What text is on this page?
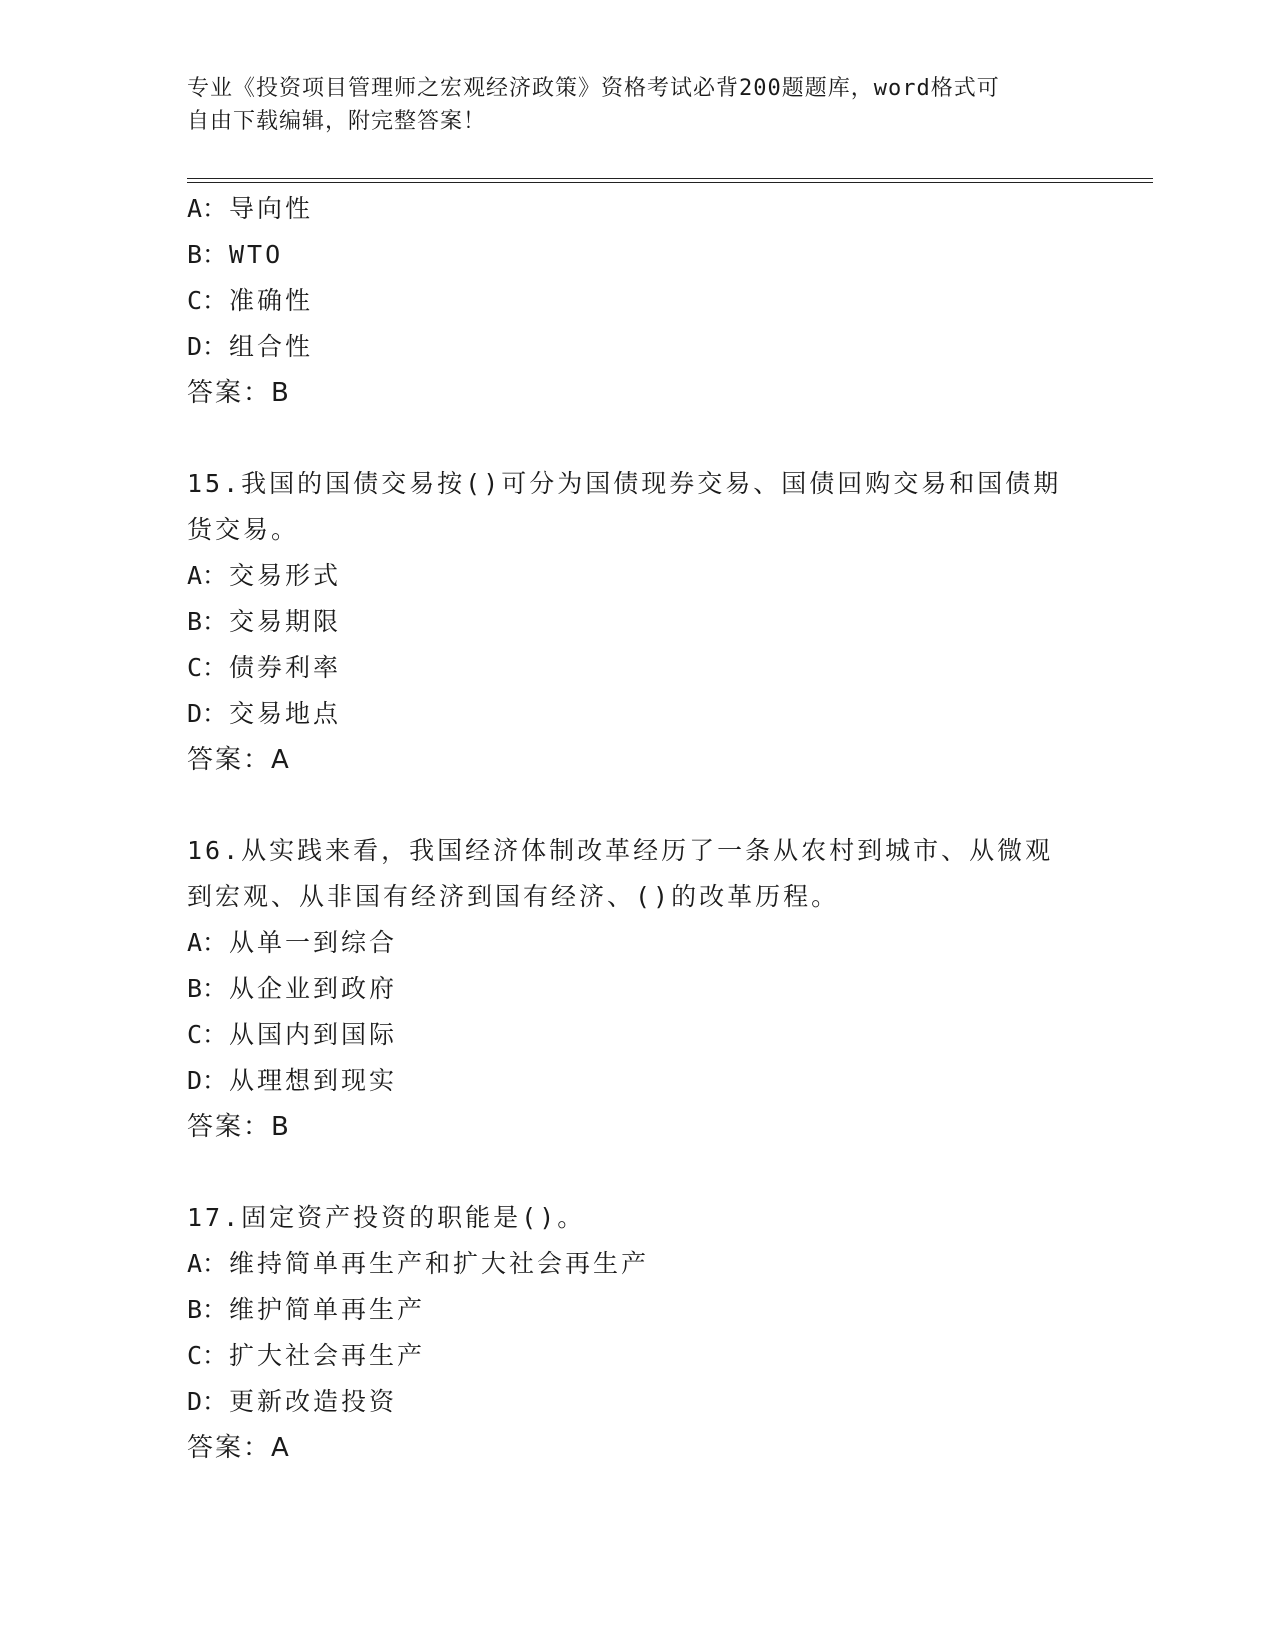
专业《投资项目管理师之宏观经济政策》资格考试必背200题题库，word格式可
自由下载编辑，附完整答案！
A：导向性
B：WTO
C：准确性
D：组合性
答案：B
15.我国的国债交易按()可分为国债现券交易、国债回购交易和国债期
货交易。
A：交易形式
B：交易期限
C：债券利率
D：交易地点
答案：A
16.从实践来看，我国经济体制改革经历了一条从农村到城市、从微观
到宏观、从非国有经济到国有经济、()的改革历程。
A：从单一到综合
B：从企业到政府
C：从国内到国际
D：从理想到现实
答案：B
17.固定资产投资的职能是()。
A：维持简单再生产和扩大社会再生产
B：维护简单再生产
C：扩大社会再生产
D：更新改造投资
答案：A
